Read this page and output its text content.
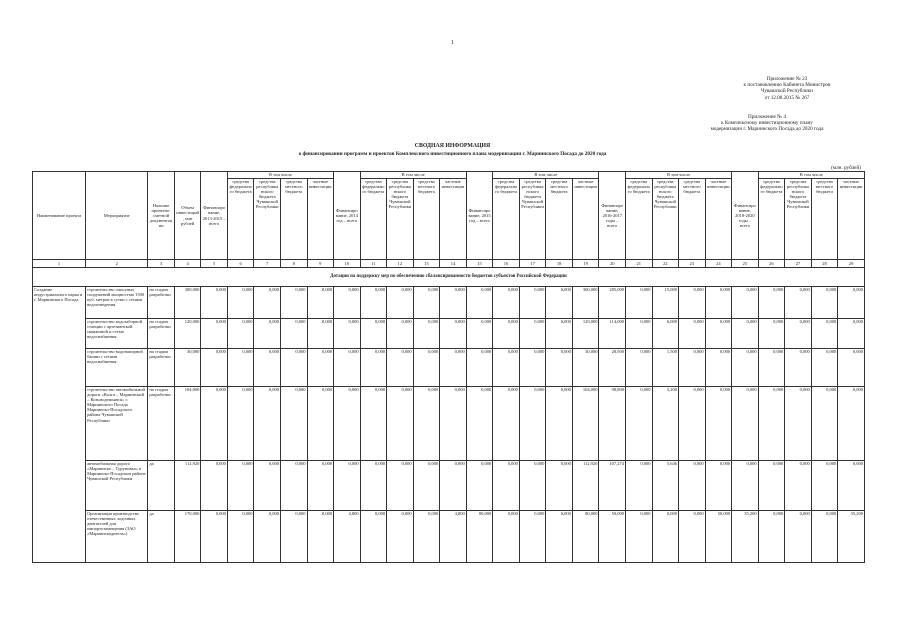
1
Приложение № 23
к постановлению Кабинета Министров
Чувашской Республики
от 12.08.2015 № 267
Приложение № 4
к Комплексному инвестиционному плану
модернизации г. Мариинского Посада до 2020 года
СВОДНАЯ ИНФОРМАЦИЯ
о финансировании программ и проектов Комплексного инвестиционного плана модернизации г. Мариинского Посада до 2020 года
(млн. рублей)
Наименование проекта	Мероприятие	Наличие проектно-сметной документации	Объем инвестиций, млн рублей	Финансирование, 2013-2015 – всего	В том числе				Финансирование, 2014 год – всего	В том числе				Финансирование, 2015 год – всего	В том числе				Финансирование, 2016-2017 годы – всего	В том числе				Финансирование, 2018-2020 годы – всего	В том числе			
					средства федерального бюджета	средства республиканского бюджета Чувашской Республики	средства местного бюджета	частные инвестиции		средства федерального бюджета	средства республиканского бюджета Чувашской Республики	средства местного бюджета	частные инвестиции		средства федерального бюджета	средства республиканского бюджета Чувашской Республики	средства местного бюджета	частные инвестиции		средства федерального бюджета	средства республиканского бюджета Чувашской Республики	средства местного бюджета	частные инвестиции		средства федерального бюджета	средства республиканского бюджета Чувашской Республики	средства местного бюджета	частные инвестиции
1	2	3	4	5	6	7	8	9	10	11	12	13	14	15	16	17	18	19	20	21	22	23	24	25	26	27	28	29
Дотации на поддержку мер по обеспечению сбалансированности бюджетов субъектов Российской Федерации																												
Создание индустриального парка в г. Мариинского Посада	строительство очистных сооружений мощностью 1500 куб. метров в сутки с сетями водоотведения	на стадии разработки	300,000	0,000	0,000	0,000	0,000	0,000	0,000	0,000	0,000	0,000	0,000	0,000	0,000	0,000	0,000	300,000	285,000	0,000	15,000	0,000	0,000	0,000	0,000	0,000	0,000	0,000
	строительство водозаборной станции с артезианской скважиной и сетью водоснабжения	на стадии разработки	120,000	0,000	0,000	0,000	0,000	0,000	0,000	0,000	0,000	0,000	0,000	0,000	0,000	0,000	0,000	120,000	114,000	0,000	6,000	0,000	0,000	0,000	0,000	0,000	0,000	0,000
	строительство водонапорной башни с сетями водоснабжения	на стадии разработки	30,000	0,000	0,000	0,000	0,000	0,000	0,000	0,000	0,000	0,000	0,000	0,000	0,000	0,000	0,000	30,000	28,500	0,000	1,500	0,000	0,000	0,000	0,000	0,000	0,000	0,000
	строительство автомобильной дороги «Волга – Мариинский – Козьмодемьянск» г. Мариинского Посада Мариинско-Посадского района Чувашской Республики	на стадии разработки	104,000	0,000	0,000	0,000	0,000	0,000	0,000	0,000	0,000	0,000	0,000	0,000	0,000	0,000	0,000	104,000	98,800	0,000	5,200	0,000	0,000	0,000	0,000	0,000	0,000	0,000
	автомобильная дорога «Мариинско – Туруновка» в Мариинско-Посадском районе Чувашской Республики	да	112,920	0,000	0,000	0,000	0,000	0,000	0,000	0,000	0,000	0,000	0,000	0,000	0,000	0,000	0,000	112,920	107,274	0,000	5,646	0,000	0,000	0,000	0,000	0,000	0,000	0,000
	Организация производства отечественных лодочных двигателей для импортозамещения (ЗАО «Мариинскодизель»)	да	170,000	0,000	0,000	0,000	0,000	0,000	4,800	0,000	0,000	0,000	4,800	80,000	0,000	0,000	0,000	80,000	50,000	0,000	0,000	0,000	50,000	35,200	0,000	0,000	0,000	35,200
